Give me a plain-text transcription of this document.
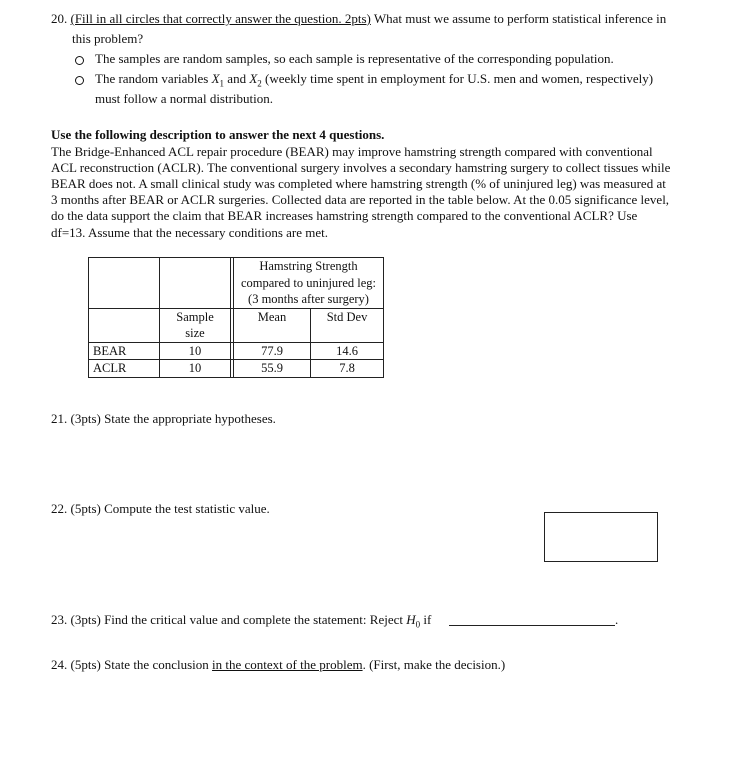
20. (Fill in all circles that correctly answer the question. 2pts) What must we assume to perform statistical inference in
this problem?
The samples are random samples, so each sample is representative of the corresponding population.
The random variables $X_1$ and $X_2$ (weekly time spent in employment for U.S. men and women, respectively)
must follow a normal distribution.
Use the following description to answer the next 4 questions.
The Bridge-Enhanced ACL repair procedure (BEAR) may improve hamstring strength compared with conventional
ACL reconstruction (ACLR). The conventional surgery involves a secondary hamstring surgery to collect tissues while
BEAR does not. A small clinical study was completed where hamstring strength (% of uninjured leg) was measured at
3 months after BEAR or ACLR surgeries. Collected data are reported in the table below. At the 0.05 significance level,
do the data support the claim that BEAR increases hamstring strength compared to the conventional ACLR? Use
df=13. Assume that the necessary conditions are met.

			Hamstring Strength
compared to uninjured leg:
(3 months after surgery)	

	Sample
size		Mean	Std Dev
BEAR	10		77.9	14.6
ACLR	10		55.9	7.8
21. (3pts) State the appropriate hypotheses.
22. (5pts) Compute the test statistic value.
23. (3pts) Find the critical value and complete the statement: Reject $H_0$ if	.
24. (5pts) State the conclusion in the context of the problem. (First, make the decision.)
